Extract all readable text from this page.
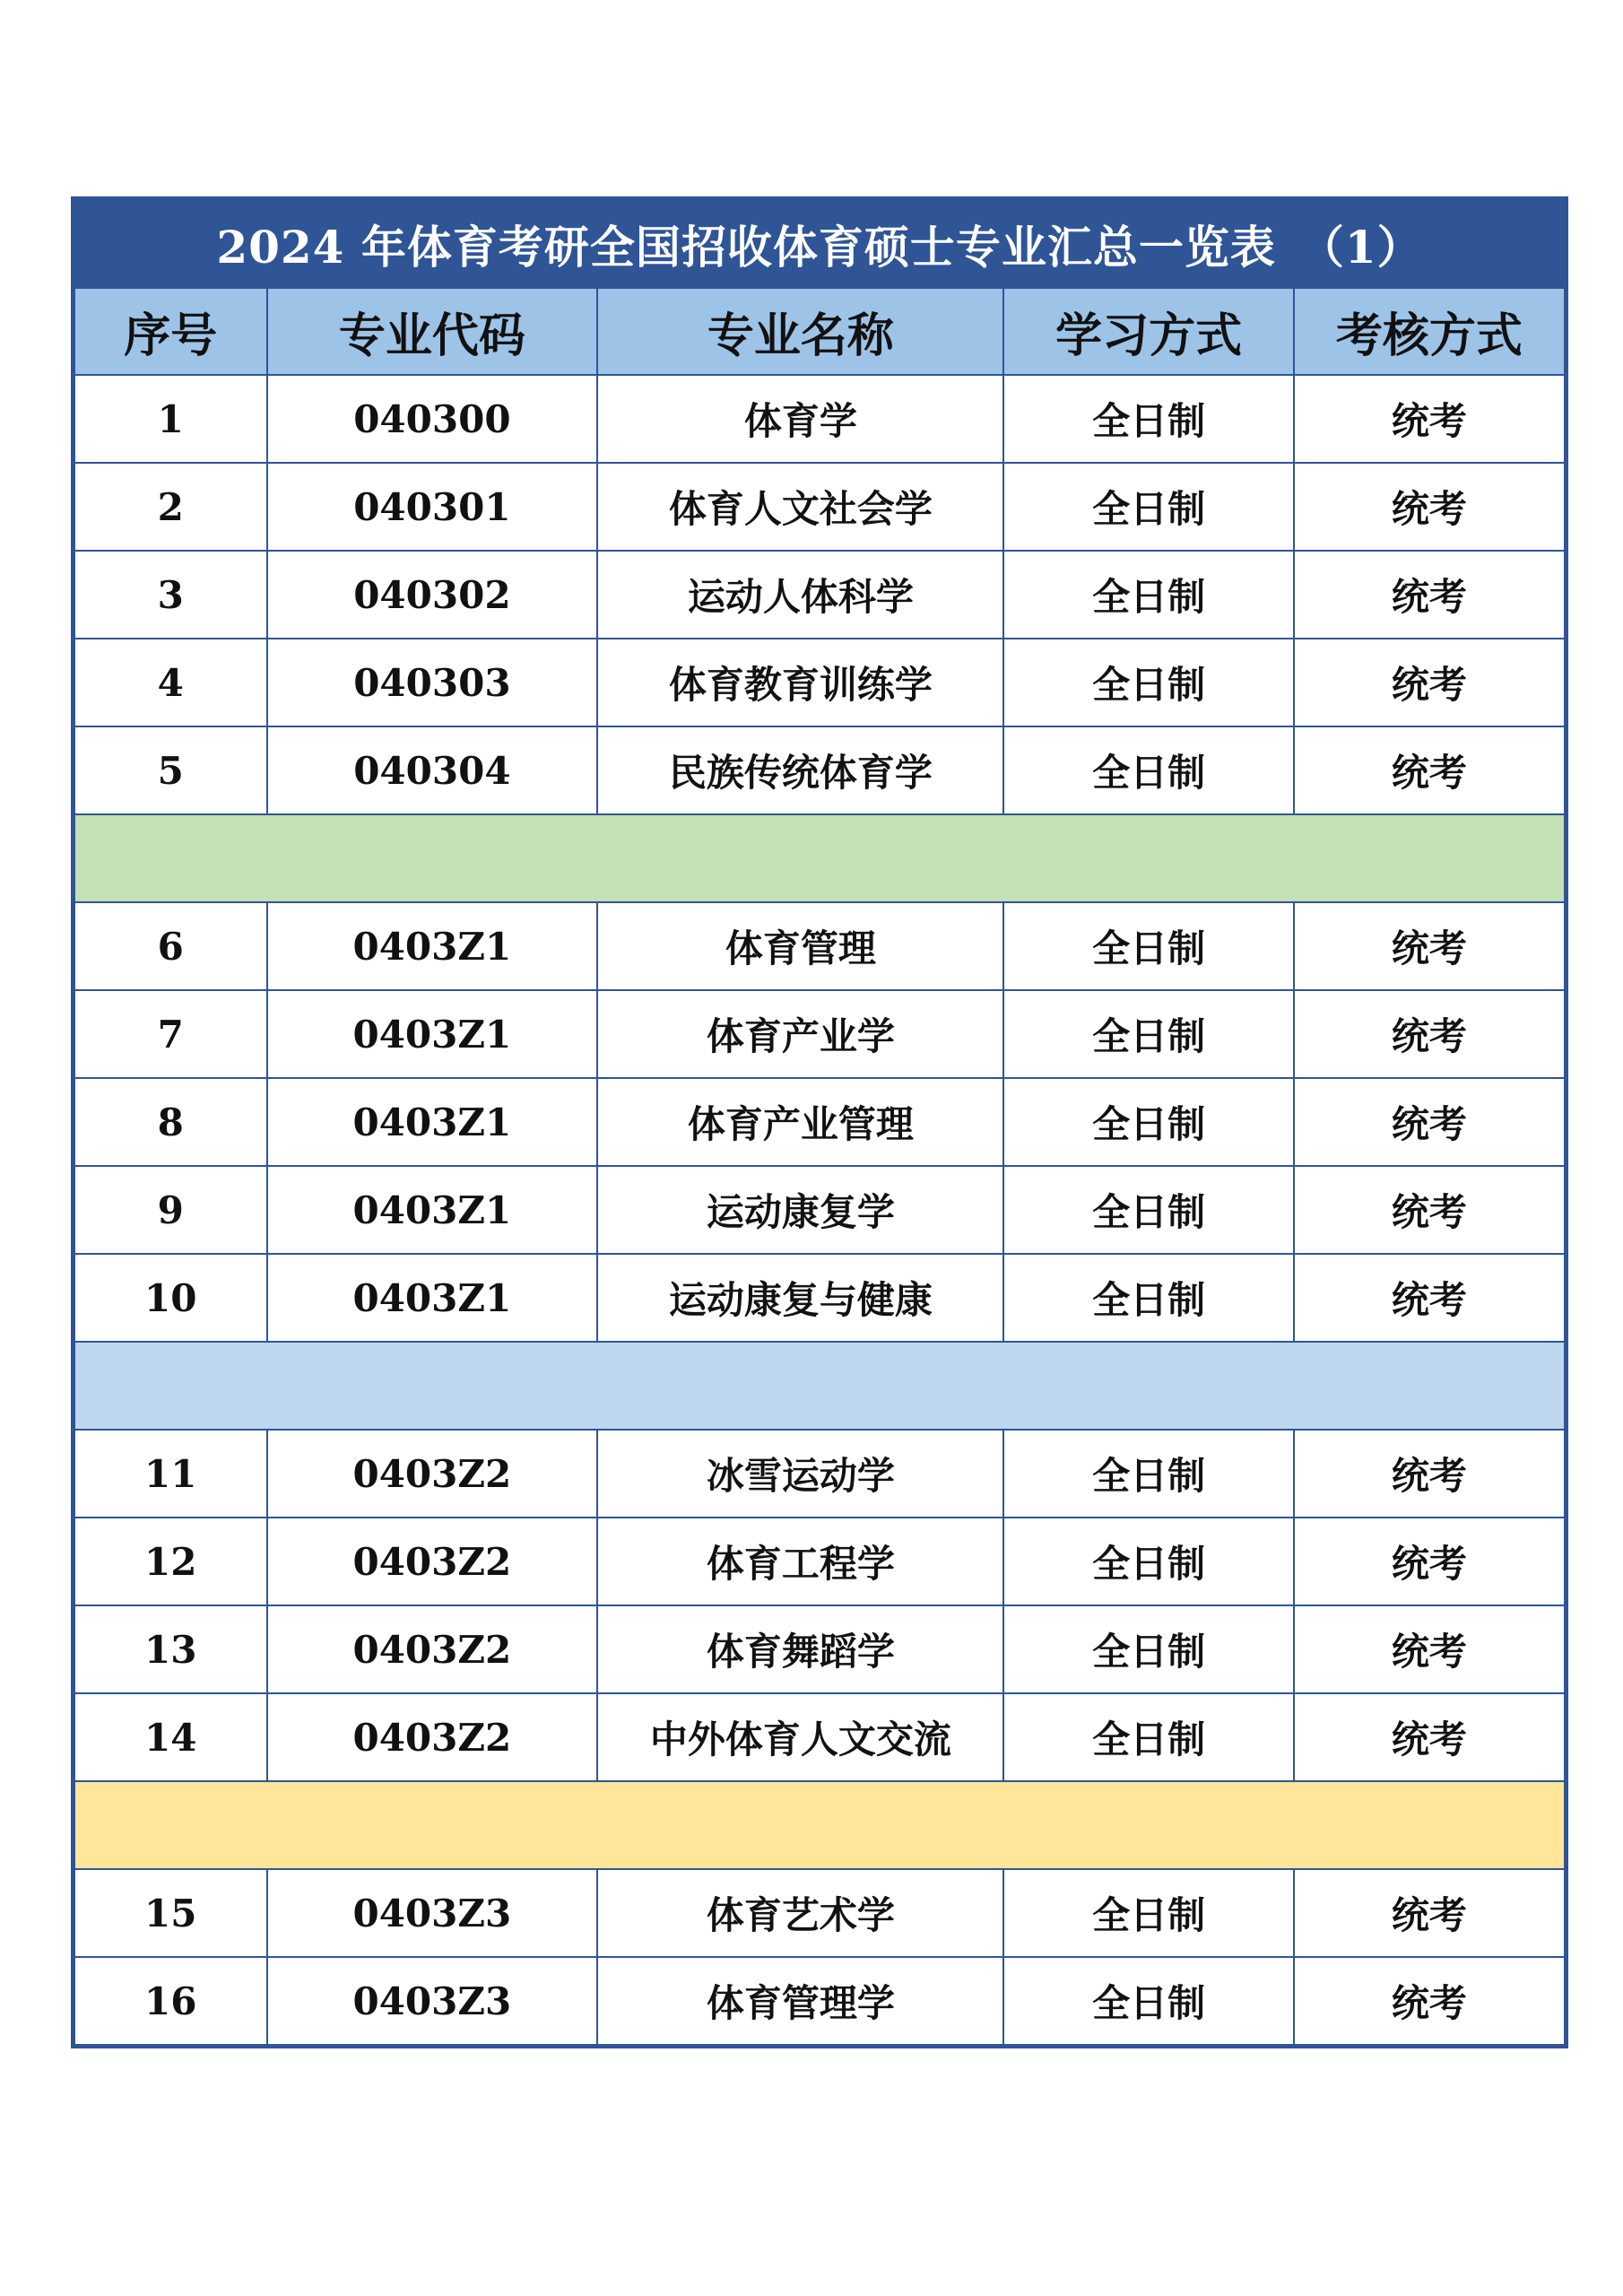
2024 年体育考研全国招收体育硕士专业汇总一览表　（1）				
序号	专业代码	专业名称	学习方式	考核方式
1	040300	体育学	全日制	统考
2	040301	体育人文社会学	全日制	统考
3	040302	运动人体科学	全日制	统考
4	040303	体育教育训练学	全日制	统考
5	040304	民族传统体育学	全日制	统考

6	0403Z1	体育管理	全日制	统考
7	0403Z1	体育产业学	全日制	统考
8	0403Z1	体育产业管理	全日制	统考
9	0403Z1	运动康复学	全日制	统考
10	0403Z1	运动康复与健康	全日制	统考

11	0403Z2	冰雪运动学	全日制	统考
12	0403Z2	体育工程学	全日制	统考
13	0403Z2	体育舞蹈学	全日制	统考
14	0403Z2	中外体育人文交流	全日制	统考

15	0403Z3	体育艺术学	全日制	统考
16	0403Z3	体育管理学	全日制	统考
